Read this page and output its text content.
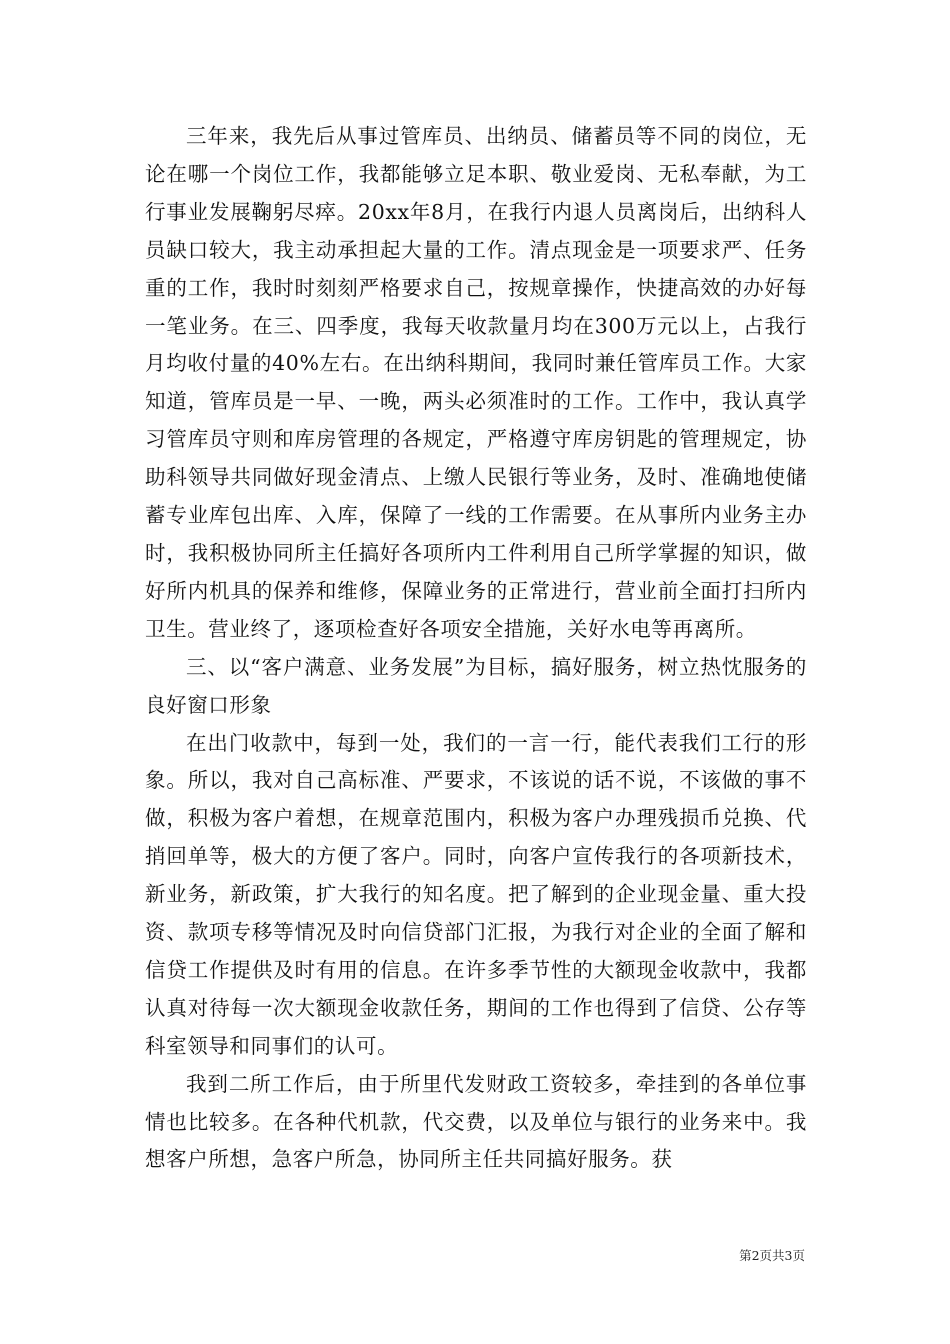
三年来，我先后从事过管库员、出纳员、储蓄员等不同的岗位，无论在哪一个岗位工作，我都能够立足本职、敬业爱岗、无私奉献，为工行事业发展鞠躬尽瘁。20xx年8月，在我行内退人员离岗后，出纳科人员缺口较大，我主动承担起大量的工作。清点现金是一项要求严、任务重的工作，我时时刻刻严格要求自己，按规章操作，快捷高效的办好每一笔业务。在三、四季度，我每天收款量月均在300万元以上，占我行月均收付量的40%左右。在出纳科期间，我同时兼任管库员工作。大家知道，管库员是一早、一晚，两头必须准时的工作。工作中，我认真学习管库员守则和库房管理的各规定，严格遵守库房钥匙的管理规定，协助科领导共同做好现金清点、上缴人民银行等业务，及时、准确地使储蓄专业库包出库、入库，保障了一线的工作需要。在从事所内业务主办时，我积极协同所主任搞好各项所内工件利用自己所学掌握的知识，做好所内机具的保养和维修，保障业务的正常进行，营业前全面打扫所内卫生。营业终了，逐项检查好各项安全措施，关好水电等再离所。

三、以“客户满意、业务发展”为目标，搞好服务，树立热忱服务的良好窗口形象

在出门收款中，每到一处，我们的一言一行，能代表我们工行的形象。所以，我对自己高标准、严要求，不该说的话不说，不该做的事不做，积极为客户着想，在规章范围内，积极为客户办理残损币兑换、代捎回单等，极大的方便了客户。同时，向客户宣传我行的各项新技术，新业务，新政策，扩大我行的知名度。把了解到的企业现金量、重大投资、款项专移等情况及时向信贷部门汇报，为我行对企业的全面了解和信贷工作提供及时有用的信息。在许多季节性的大额现金收款中，我都认真对待每一次大额现金收款任务，期间的工作也得到了信贷、公存等科室领导和同事们的认可。

我到二所工作后，由于所里代发财政工资较多，牵挂到的各单位事情也比较多。在各种代机款，代交费，以及单位与银行的业务来中。我想客户所想，急客户所急，协同所主任共同搞好服务。获

第2页共3页
